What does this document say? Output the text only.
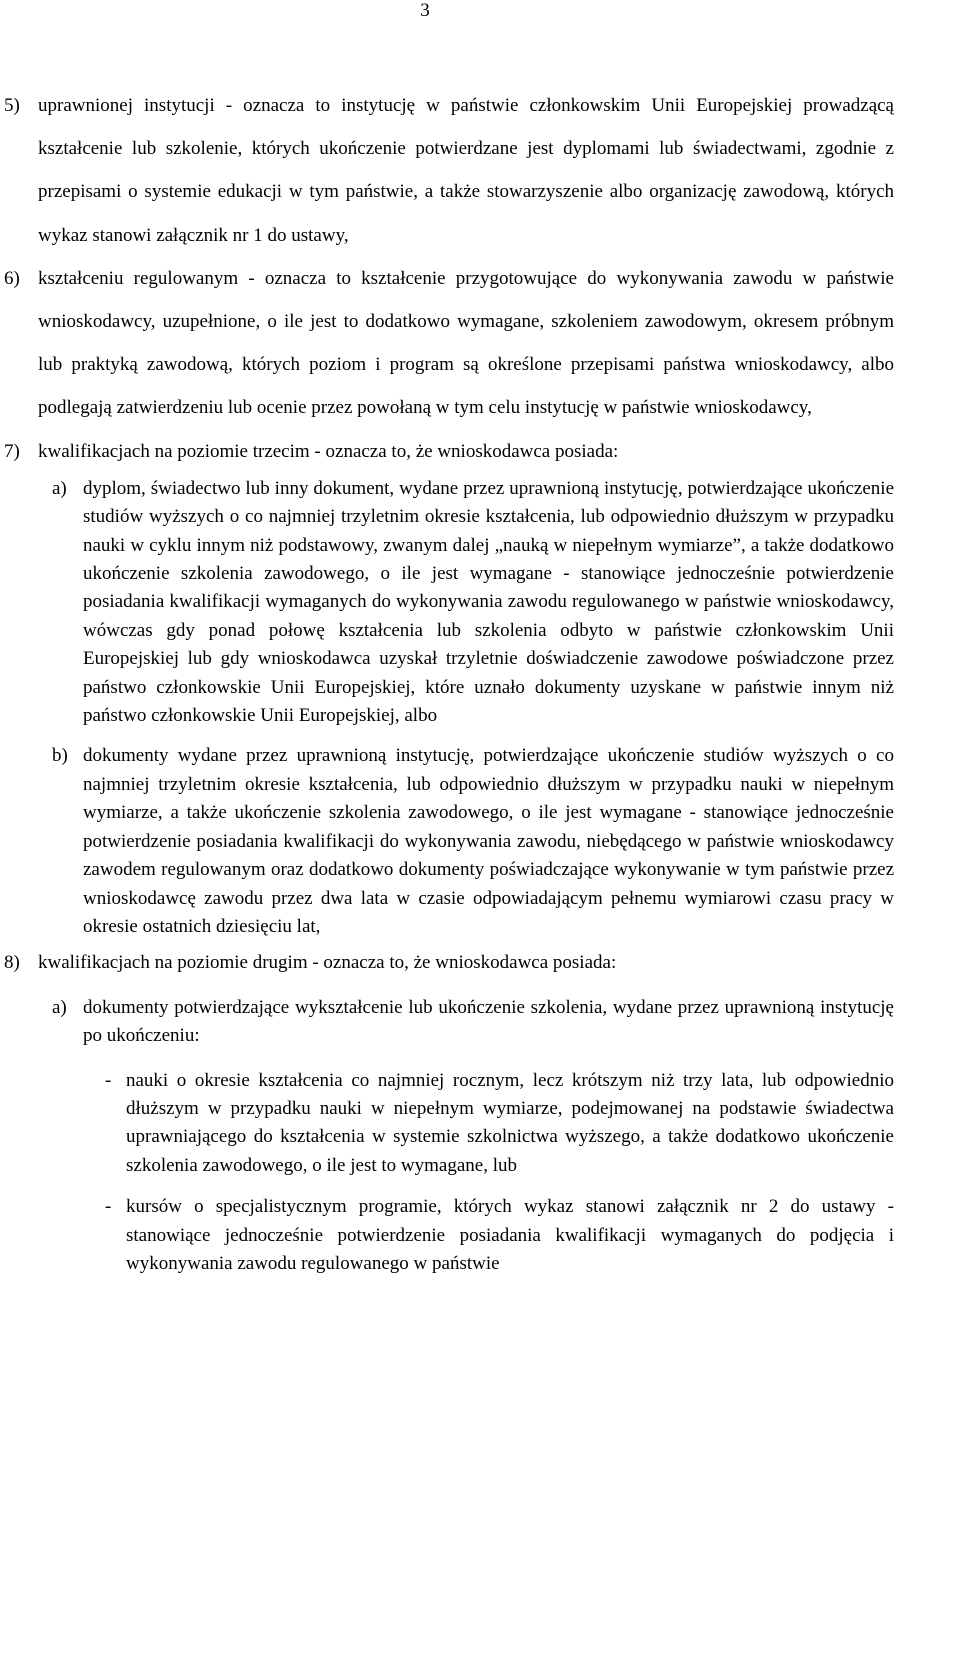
3
5) uprawnionej instytucji - oznacza to instytucję w państwie członkowskim Unii Europejskiej prowadzącą kształcenie lub szkolenie, których ukończenie potwierdzane jest dyplomami lub świadectwami, zgodnie z przepisami o systemie edukacji w tym państwie, a także stowarzyszenie albo organizację zawodową, których wykaz stanowi załącznik nr 1 do ustawy,
6) kształceniu regulowanym - oznacza to kształcenie przygotowujące do wykonywania zawodu w państwie wnioskodawcy, uzupełnione, o ile jest to dodatkowo wymagane, szkoleniem zawodowym, okresem próbnym lub praktyką zawodową, których poziom i program są określone przepisami państwa wnioskodawcy, albo podlegają zatwierdzeniu lub ocenie przez powołaną w tym celu instytucję w państwie wnioskodawcy,
7) kwalifikacjach na poziomie trzecim - oznacza to, że wnioskodawca posiada:
a) dyplom, świadectwo lub inny dokument, wydane przez uprawnioną instytucję, potwierdzające ukończenie studiów wyższych o co najmniej trzyletnim okresie kształcenia, lub odpowiednio dłuższym w przypadku nauki w cyklu innym niż podstawowy, zwanym dalej „nauką w niepełnym wymiarze”, a także dodatkowo ukończenie szkolenia zawodowego, o ile jest wymagane - stanowiące jednocześnie potwierdzenie posiadania kwalifikacji wymaganych do wykonywania zawodu regulowanego w państwie wnioskodawcy, wówczas gdy ponad połowę kształcenia lub szkolenia odbyto w państwie członkowskim Unii Europejskiej lub gdy wnioskodawca uzyskał trzyletnie doświadczenie zawodowe poświadczone przez państwo członkowskie Unii Europejskiej, które uznało dokumenty uzyskane w państwie innym niż państwo członkowskie Unii Europejskiej, albo
b) dokumenty wydane przez uprawnioną instytucję, potwierdzające ukończenie studiów wyższych o co najmniej trzyletnim okresie kształcenia, lub odpowiednio dłuższym w przypadku nauki w niepełnym wymiarze, a także ukończenie szkolenia zawodowego, o ile jest wymagane - stanowiące jednocześnie potwierdzenie posiadania kwalifikacji do wykonywania zawodu, niebędącego w państwie wnioskodawcy zawodem regulowanym oraz dodatkowo dokumenty poświadczające wykonywanie w tym państwie przez wnioskodawcę zawodu przez dwa lata w czasie odpowiadającym pełnemu wymiarowi czasu pracy w okresie ostatnich dziesięciu lat,
8) kwalifikacjach na poziomie drugim - oznacza to, że wnioskodawca posiada:
a) dokumenty potwierdzające wykształcenie lub ukończenie szkolenia, wydane przez uprawnioną instytucję po ukończeniu:
- nauki o okresie kształcenia co najmniej rocznym, lecz krótszym niż trzy lata, lub odpowiednio dłuższym w przypadku nauki w niepełnym wymiarze, podejmowanej na podstawie świadectwa uprawniającego do kształcenia w systemie szkolnictwa wyższego, a także dodatkowo ukończenie szkolenia zawodowego, o ile jest to wymagane, lub
- kursów o specjalistycznym programie, których wykaz stanowi załącznik nr 2 do ustawy - stanowiące jednocześnie potwierdzenie posiadania kwalifikacji wymaganych do podjęcia i wykonywania zawodu regulowanego w państwie
